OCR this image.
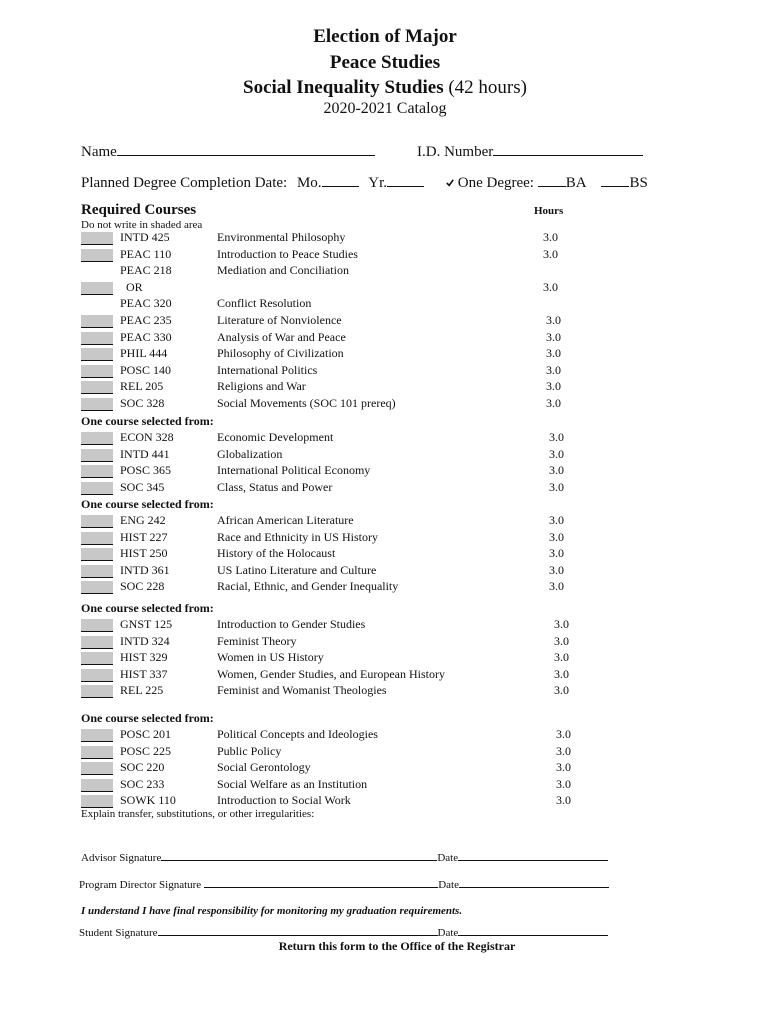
Election of Major
Peace Studies
Social Inequality Studies (42 hours)
2020-2021 Catalog
Name	I.D. Number
Planned Degree Completion Date: Mo.	Yr.	One Degree: BA	BS
Required Courses
Do not write in shaded area
Hours
INTD 425	Environmental Philosophy	3.0
PEAC 110	Introduction to Peace Studies	3.0
PEAC 218	Mediation and Conciliation
OR	3.0
PEAC 320	Conflict Resolution
PEAC 235	Literature of Nonviolence	3.0
PEAC 330	Analysis of War and Peace	3.0
PHIL 444	Philosophy of Civilization	3.0
POSC 140	International Politics	3.0
REL 205	Religions and War	3.0
SOC 328	Social Movements (SOC 101 prereq)	3.0
One course selected from:
ECON 328	Economic Development	3.0
INTD 441	Globalization	3.0
POSC 365	International Political Economy	3.0
SOC 345	Class, Status and Power	3.0
One course selected from:
ENG 242	African American Literature	3.0
HIST 227	Race and Ethnicity in US History	3.0
HIST 250	History of the Holocaust	3.0
INTD 361	US Latino Literature and Culture	3.0
SOC 228	Racial, Ethnic, and Gender Inequality	3.0
One course selected from:
GNST 125	Introduction to Gender Studies	3.0
INTD 324	Feminist Theory	3.0
HIST 329	Women in US History	3.0
HIST 337	Women, Gender Studies, and European History	3.0
REL 225	Feminist and Womanist Theologies	3.0
One course selected from:
POSC 201	Political Concepts and Ideologies	3.0
POSC 225	Public Policy	3.0
SOC 220	Social Gerontology	3.0
SOC 233	Social Welfare as an Institution	3.0
SOWK 110	Introduction to Social Work	3.0
Explain transfer, substitutions, or other irregularities:
Advisor Signature	Date
Program Director Signature	Date
I understand I have final responsibility for monitoring my graduation requirements.
Student Signature	Date
Return this form to the Office of the Registrar
